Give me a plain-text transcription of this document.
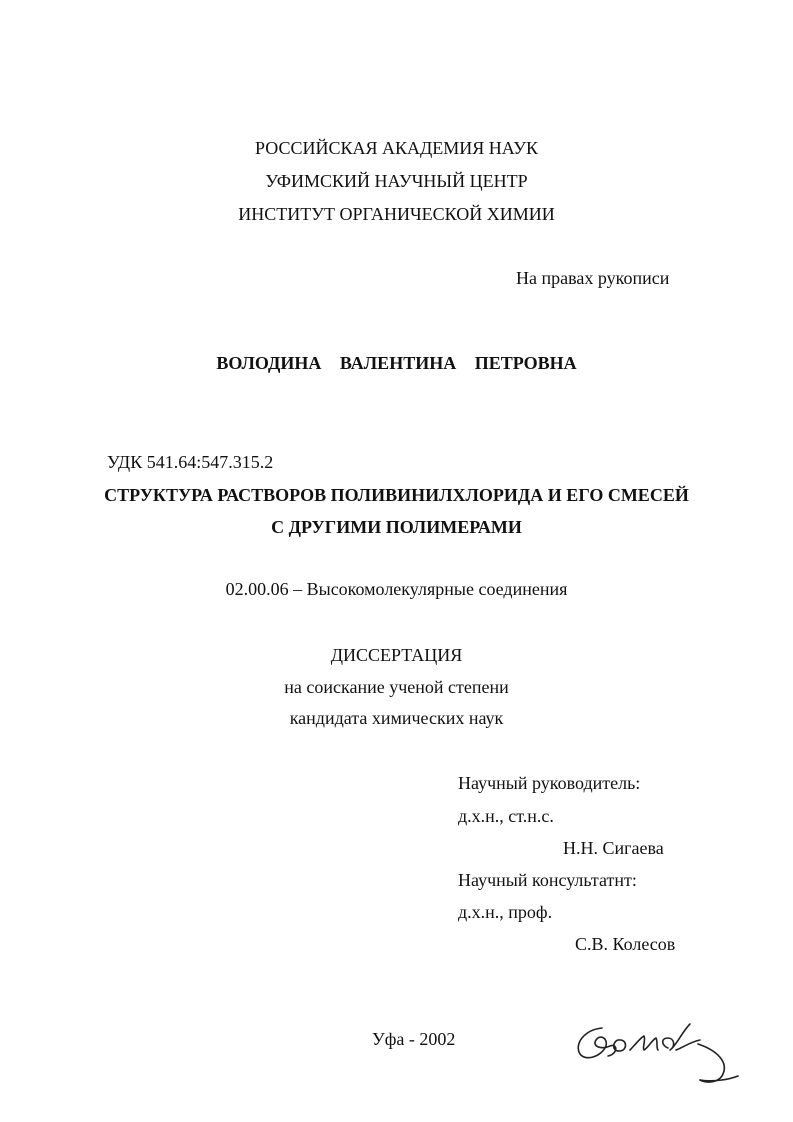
РОССИЙСКАЯ АКАДЕМИЯ НАУК
УФИМСКИЙ НАУЧНЫЙ ЦЕНТР
ИНСТИТУТ ОРГАНИЧЕСКОЙ ХИМИИ
На правах рукописи
ВОЛОДИНА ВАЛЕНТИНА ПЕТРОВНА
УДК 541.64:547.315.2
СТРУКТУРА РАСТВОРОВ ПОЛИВИНИЛХЛОРИДА И ЕГО СМЕСЕЙ
С ДРУГИМИ ПОЛИМЕРАМИ
02.00.06 – Высокомолекулярные соединения
ДИССЕРТАЦИЯ
на соискание ученой степени
кандидата химических наук
Научный руководитель:
д.х.н., ст.н.с.
Н.Н. Сигаева
Научный консультатнт:
д.х.н., проф.
С.В. Колесов
Уфа - 2002
